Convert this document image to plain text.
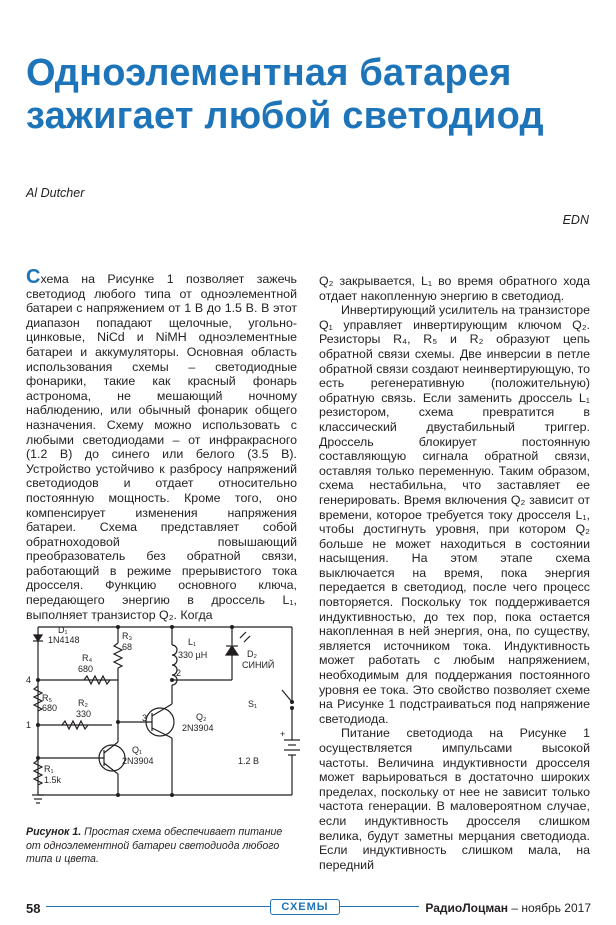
Одноэлементная батарея
зажигает любой светодиод
Al Dutcher
EDN

Схема на Рисунке 1 позволяет зажечь светодиод любого типа от одноэлементной батареи с напряжением от 1 В до 1.5 В. В этот диапазон попадают щелочные, угольно-цинковые, NiCd и NiMH одноэлементные батареи и аккумуляторы. Основная область использования схемы – светодиодные фонарики, такие как красный фонарь астронома, не мешающий ночному наблюдению, или обычный фонарик общего назначения. Схему можно использовать с любыми светодиодами – от инфракрасного (1.2 В) до синего или белого (3.5 В). Устройство устойчиво к разбросу напряжений светодиодов и отдает относительно постоянную мощность. Кроме того, оно компенсирует изменения напряжения батареи. Схема представляет собой обратноходовой повышающий преобразователь без обратной связи, работающий в режиме прерывистого тока дросселя. Функцию основного ключа, передающего энергию в дроссель L₁, выполняет транзистор Q₂. Когда

Q₂ закрывается, L₁ во время обратного хода отдает накопленную энергию в светодиод.

Инвертирующий усилитель на транзисторе Q₁ управляет инвертирующим ключом Q₂. Резисторы R₄, R₅ и R₂ образуют цепь обратной связи схемы. Две инверсии в петле обратной связи создают неинвертирующую, то есть регенеративную (положительную) обратную связь. Если заменить дроссель L₁ резистором, схема превратится в классический двустабильный триггер. Дроссель блокирует постоянную составляющую сигнала обратной связи, оставляя только переменную. Таким образом, схема нестабильна, что заставляет ее генерировать. Время включения Q₂ зависит от времени, которое требуется току дросселя L₁, чтобы достигнуть уровня, при котором Q₂ больше не может находиться в состоянии насыщения. На этом этапе схема выключается на время, пока энергия передается в светодиод, после чего процесс повторяется. Поскольку ток поддерживается индуктивностью, до тех пор, пока остается накопленная в ней энергия, она, по существу, является источником тока. Индуктивность может работать с любым напряжением, необходимым для поддержания постоянного уровня ее тока. Это свойство позволяет схеме на Рисунке 1 подстраиваться под напряжение светодиода.

Питание светодиода на Рисунке 1 осуществляется импульсами высокой частоты. Величина индуктивности дросселя может варьироваться в достаточно широких пределах, поскольку от нее не зависит только частота генерации. В маловероятном случае, если индуктивность дросселя слишком велика, будут заметны мерцания светодиода. Если индуктивность слишком мала, на передний

D₁
1N4148	R₃
68
R₄
680
L₁
330 µH	D₂
СИНИЙ
4
2
R₅
680
1
R₂
330
S₁
3	Q₂
2N3904
Q₁
2N3904
R₁
1.5k
1.2 В
+

Рисунок 1. Простая схема обеспечивает питание от одноэлементной батареи светодиода любого типа и цвета.

58	СХЕМЫ	РадиоЛоцман – ноябрь 2017
